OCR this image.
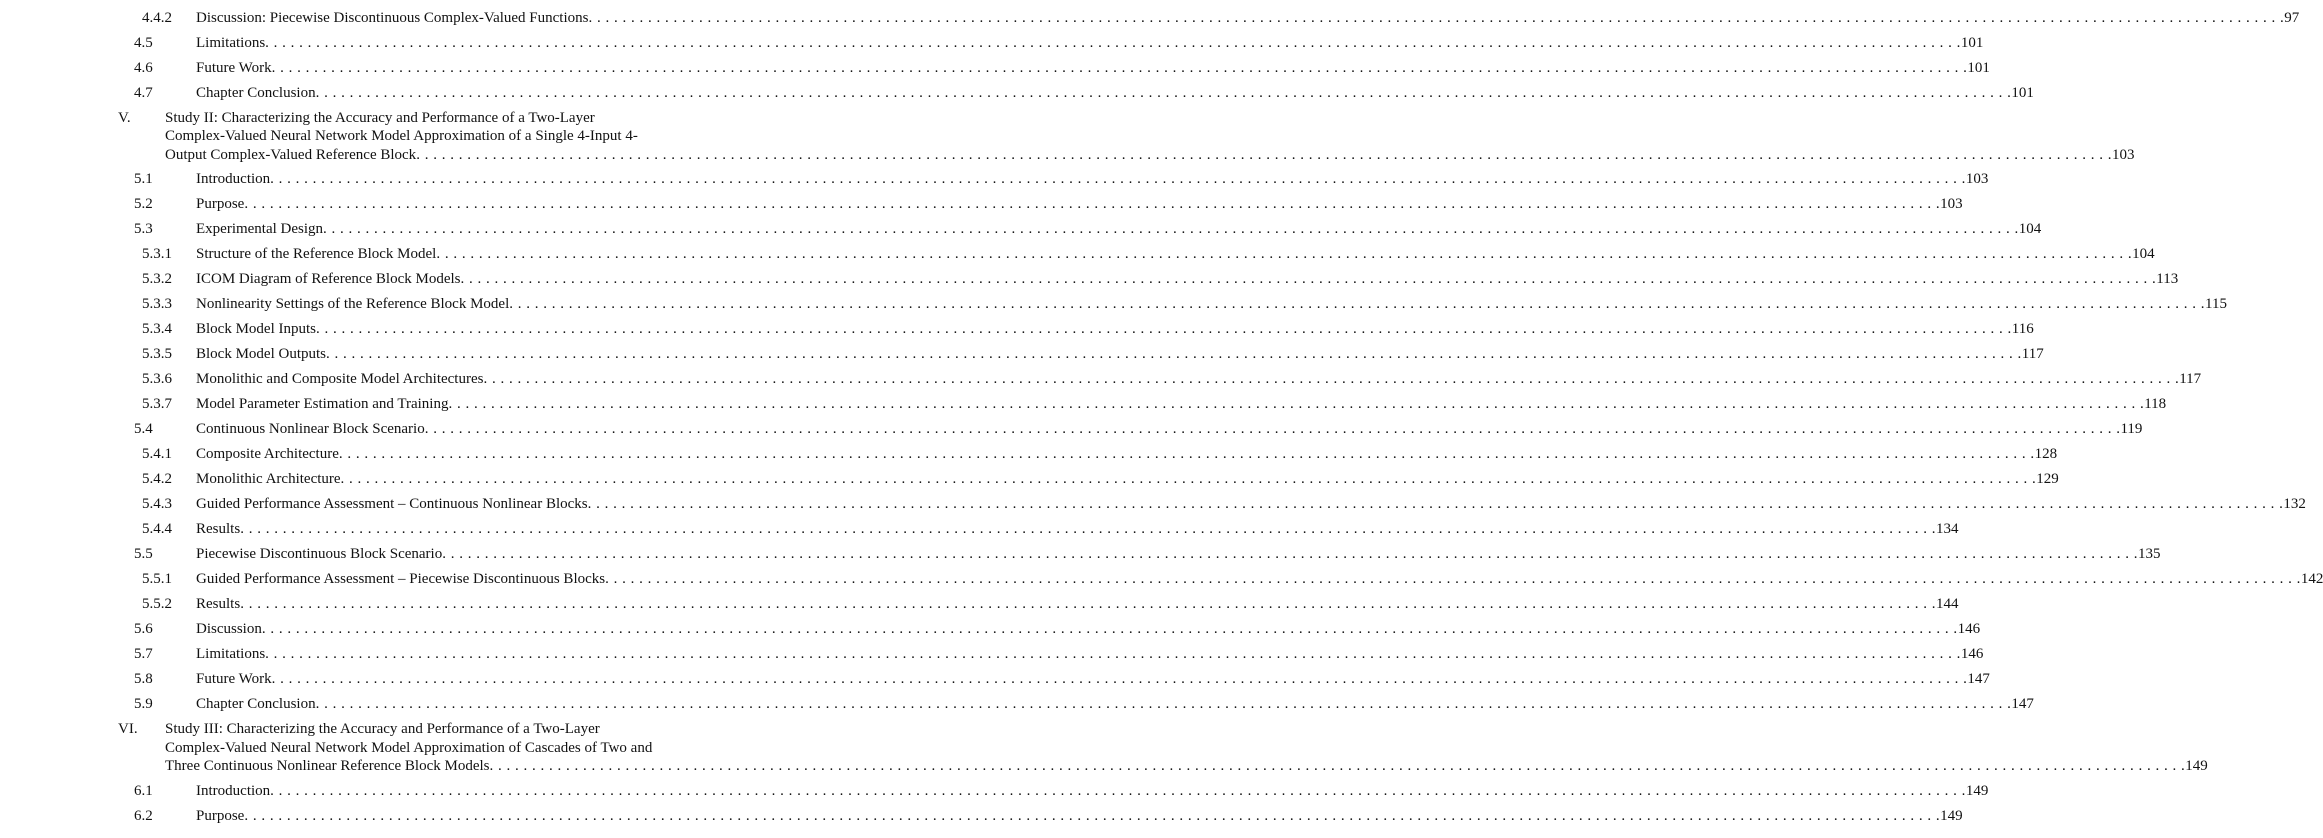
4.4.2 Discussion: Piecewise Discontinuous Complex-Valued Functions . . . . . . . . . . . . . . . . . . . . . . . . . . . . . . . . . . . . . . . . . . . . . . . . . . . . . . . . . . . . . . . . . . . . . . . . . . . . . . . . . . . . . . . . . . . . . . . . . . . . . . . . . . . . . . . . . . . . . . . . . . . . . . . . . . . . . . . . . . . . . . . . . . . . . . . . . . . . . . . . . . . . . . . . . . . . . . . . . . . . . . . . . . . . . . . . . . . . . . . . 97
4.5	Limitations . . . . . . . . . . . . . . . . . . . . . . . . . . . . . . . . . . . . . . . . . . . . . . . . . . . . . . . . . . . . . . . . . . . . . . . . . . . . . . . . . . . . . . . . . . . . . . . . . . . . . . . . . . . . . . . . . . . . . . . . . . . . . . . . . . . . . . . . . . . . . . . . . . . . . . . . . . . . . . . . . . . . . . . . . . . . . . . . . . . . . . . . . . . . . . . . . . . . . . . . 101
4.6	Future Work . . . . . . . . . . . . . . . . . . . . . . . . . . . . . . . . . . . . . . . . . . . . . . . . . . . . . . . . . . . . . . . . . . . . . . . . . . . . . . . . . . . . . . . . . . . . . . . . . . . . . . . . . . . . . . . . . . . . . . . . . . . . . . . . . . . . . . . . . . . . . . . . . . . . . . . . . . . . . . . . . . . . . . . . . . . . . . . . . . . . . . . . . . . . . . . . . . . . . . . . 101
4.7	Chapter Conclusion . . . . . . . . . . . . . . . . . . . . . . . . . . . . . . . . . . . . . . . . . . . . . . . . . . . . . . . . . . . . . . . . . . . . . . . . . . . . . . . . . . . . . . . . . . . . . . . . . . . . . . . . . . . . . . . . . . . . . . . . . . . . . . . . . . . . . . . . . . . . . . . . . . . . . . . . . . . . . . . . . . . . . . . . . . . . . . . . . . . . . . . . . . . . . . . . . . . . . . . . 101
V. Study II: Characterizing the Accuracy and Performance of a Two-Layer
Complex-Valued Neural Network Model Approximation of a Single 4-Input 4-
Output Complex-Valued Reference Block . . . . . . . . . . . . . . . . . . . . . . . . . . . . . . . . . . . . . . . . . . . . . . . . . . . . . . . . . . . . . . . . . . . . . . . . . . . . . . . . . . . . . . . . . . . . . . . . . . . . . . . . . . . . . . . . . . . . . . . . . . . . . . . . . . . . . . . . . . . . . . . . . . . . . . . . . . . . . . . . . . . . . . . . . . . . . . . . . . . . . . . . . . . . . . . . . . . . . . . . 103
5.1	Introduction . . . . . . . . . . . . . . . . . . . . . . . . . . . . . . . . . . . . . . . . . . . . . . . . . . . . . . . . . . . . . . . . . . . . . . . . . . . . . . . . . . . . . . . . . . . . . . . . . . . . . . . . . . . . . . . . . . . . . . . . . . . . . . . . . . . . . . . . . . . . . . . . . . . . . . . . . . . . . . . . . . . . . . . . . . . . . . . . . . . . . . . . . . . . . . . . . . . . . . . . 103
5.2	Purpose . . . . . . . . . . . . . . . . . . . . . . . . . . . . . . . . . . . . . . . . . . . . . . . . . . . . . . . . . . . . . . . . . . . . . . . . . . . . . . . . . . . . . . . . . . . . . . . . . . . . . . . . . . . . . . . . . . . . . . . . . . . . . . . . . . . . . . . . . . . . . . . . . . . . . . . . . . . . . . . . . . . . . . . . . . . . . . . . . . . . . . . . . . . . . . . . . . . . . . . . 103
5.3	Experimental Design . . . . . . . . . . . . . . . . . . . . . . . . . . . . . . . . . . . . . . . . . . . . . . . . . . . . . . . . . . . . . . . . . . . . . . . . . . . . . . . . . . . . . . . . . . . . . . . . . . . . . . . . . . . . . . . . . . . . . . . . . . . . . . . . . . . . . . . . . . . . . . . . . . . . . . . . . . . . . . . . . . . . . . . . . . . . . . . . . . . . . . . . . . . . . . . . . . . . . . . . 104
5.3.1 Structure of the Reference Block Model . . . . . . . . . . . . . . . . . . . . . . . . . . . . . . . . . . . . . . . . . . . . . . . . . . . . . . . . . . . . . . . . . . . . . . . . . . . . . . . . . . . . . . . . . . . . . . . . . . . . . . . . . . . . . . . . . . . . . . . . . . . . . . . . . . . . . . . . . . . . . . . . . . . . . . . . . . . . . . . . . . . . . . . . . . . . . . . . . . . . . . . . . . . . . . . . . . . . . . . . 104
5.3.2 ICOM Diagram of Reference Block Models . . . . . . . . . . . . . . . . . . . . . . . . . . . . . . . . . . . . . . . . . . . . . . . . . . . . . . . . . . . . . . . . . . . . . . . . . . . . . . . . . . . . . . . . . . . . . . . . . . . . . . . . . . . . . . . . . . . . . . . . . . . . . . . . . . . . . . . . . . . . . . . . . . . . . . . . . . . . . . . . . . . . . . . . . . . . . . . . . . . . . . . . . . . . . . . . . . . . . . . . 113
5.3.3 Nonlinearity Settings of the Reference Block Model . . . . . . . . . . . . . . . . . . . . . . . . . . . . . . . . . . . . . . . . . . . . . . . . . . . . . . . . . . . . . . . . . . . . . . . . . . . . . . . . . . . . . . . . . . . . . . . . . . . . . . . . . . . . . . . . . . . . . . . . . . . . . . . . . . . . . . . . . . . . . . . . . . . . . . . . . . . . . . . . . . . . . . . . . . . . . . . . . . . . . . . . . . . . . . . . . . . . . . . . 115
5.3.4 Block Model Inputs . . . . . . . . . . . . . . . . . . . . . . . . . . . . . . . . . . . . . . . . . . . . . . . . . . . . . . . . . . . . . . . . . . . . . . . . . . . . . . . . . . . . . . . . . . . . . . . . . . . . . . . . . . . . . . . . . . . . . . . . . . . . . . . . . . . . . . . . . . . . . . . . . . . . . . . . . . . . . . . . . . . . . . . . . . . . . . . . . . . . . . . . . . . . . . . . . . . . . . . . 116
5.3.5 Block Model Outputs . . . . . . . . . . . . . . . . . . . . . . . . . . . . . . . . . . . . . . . . . . . . . . . . . . . . . . . . . . . . . . . . . . . . . . . . . . . . . . . . . . . . . . . . . . . . . . . . . . . . . . . . . . . . . . . . . . . . . . . . . . . . . . . . . . . . . . . . . . . . . . . . . . . . . . . . . . . . . . . . . . . . . . . . . . . . . . . . . . . . . . . . . . . . . . . . . . . . . . . . 117
5.3.6 Monolithic and Composite Model Architectures . . . . . . . . . . . . . . . . . . . . . . . . . . . . . . . . . . . . . . . . . . . . . . . . . . . . . . . . . . . . . . . . . . . . . . . . . . . . . . . . . . . . . . . . . . . . . . . . . . . . . . . . . . . . . . . . . . . . . . . . . . . . . . . . . . . . . . . . . . . . . . . . . . . . . . . . . . . . . . . . . . . . . . . . . . . . . . . . . . . . . . . . . . . . . . . . . . . . . . . . 117
5.3.7 Model Parameter Estimation and Training . . . . . . . . . . . . . . . . . . . . . . . . . . . . . . . . . . . . . . . . . . . . . . . . . . . . . . . . . . . . . . . . . . . . . . . . . . . . . . . . . . . . . . . . . . . . . . . . . . . . . . . . . . . . . . . . . . . . . . . . . . . . . . . . . . . . . . . . . . . . . . . . . . . . . . . . . . . . . . . . . . . . . . . . . . . . . . . . . . . . . . . . . . . . . . . . . . . . . . . . 118
5.4	Continuous Nonlinear Block Scenario . . . . . . . . . . . . . . . . . . . . . . . . . . . . . . . . . . . . . . . . . . . . . . . . . . . . . . . . . . . . . . . . . . . . . . . . . . . . . . . . . . . . . . . . . . . . . . . . . . . . . . . . . . . . . . . . . . . . . . . . . . . . . . . . . . . . . . . . . . . . . . . . . . . . . . . . . . . . . . . . . . . . . . . . . . . . . . . . . . . . . . . . . . . . . . . . . . . . . . . . 119
5.4.1 Composite Architecture . . . . . . . . . . . . . . . . . . . . . . . . . . . . . . . . . . . . . . . . . . . . . . . . . . . . . . . . . . . . . . . . . . . . . . . . . . . . . . . . . . . . . . . . . . . . . . . . . . . . . . . . . . . . . . . . . . . . . . . . . . . . . . . . . . . . . . . . . . . . . . . . . . . . . . . . . . . . . . . . . . . . . . . . . . . . . . . . . . . . . . . . . . . . . . . . . . . . . . . . 128
5.4.2 Monolithic Architecture . . . . . . . . . . . . . . . . . . . . . . . . . . . . . . . . . . . . . . . . . . . . . . . . . . . . . . . . . . . . . . . . . . . . . . . . . . . . . . . . . . . . . . . . . . . . . . . . . . . . . . . . . . . . . . . . . . . . . . . . . . . . . . . . . . . . . . . . . . . . . . . . . . . . . . . . . . . . . . . . . . . . . . . . . . . . . . . . . . . . . . . . . . . . . . . . . . . . . . . . 129
5.4.3 Guided Performance Assessment – Continuous Nonlinear Blocks . . . . . . . . . . . . . . . . . . . . . . . . . . . . . . . . . . . . . . . . . . . . . . . . . . . . . . . . . . . . . . . . . . . . . . . . . . . . . . . . . . . . . . . . . . . . . . . . . . . . . . . . . . . . . . . . . . . . . . . . . . . . . . . . . . . . . . . . . . . . . . . . . . . . . . . . . . . . . . . . . . . . . . . . . . . . . . . . . . . . . . . . . . . . . . . . . . . . . . . . 132
5.4.4 Results . . . . . . . . . . . . . . . . . . . . . . . . . . . . . . . . . . . . . . . . . . . . . . . . . . . . . . . . . . . . . . . . . . . . . . . . . . . . . . . . . . . . . . . . . . . . . . . . . . . . . . . . . . . . . . . . . . . . . . . . . . . . . . . . . . . . . . . . . . . . . . . . . . . . . . . . . . . . . . . . . . . . . . . . . . . . . . . . . . . . . . . . . . . . . . . . . . . . . . . . 134
5.5	Piecewise Discontinuous Block Scenario . . . . . . . . . . . . . . . . . . . . . . . . . . . . . . . . . . . . . . . . . . . . . . . . . . . . . . . . . . . . . . . . . . . . . . . . . . . . . . . . . . . . . . . . . . . . . . . . . . . . . . . . . . . . . . . . . . . . . . . . . . . . . . . . . . . . . . . . . . . . . . . . . . . . . . . . . . . . . . . . . . . . . . . . . . . . . . . . . . . . . . . . . . . . . . . . . . . . . . . . 135
5.5.1 Guided Performance Assessment – Piecewise Discontinuous Blocks . . . . . . . . . . . . . . . . . . . . . . . . . . . . . . . . . . . . . . . . . . . . . . . . . . . . . . . . . . . . . . . . . . . . . . . . . . . . . . . . . . . . . . . . . . . . . . . . . . . . . . . . . . . . . . . . . . . . . . . . . . . . . . . . . . . . . . . . . . . . . . . . . . . . . . . . . . . . . . . . . . . . . . . . . . . . . . . . . . . . . . . . . . . . . . . . . . . . . . . . 142
5.5.2 Results . . . . . . . . . . . . . . . . . . . . . . . . . . . . . . . . . . . . . . . . . . . . . . . . . . . . . . . . . . . . . . . . . . . . . . . . . . . . . . . . . . . . . . . . . . . . . . . . . . . . . . . . . . . . . . . . . . . . . . . . . . . . . . . . . . . . . . . . . . . . . . . . . . . . . . . . . . . . . . . . . . . . . . . . . . . . . . . . . . . . . . . . . . . . . . . . . . . . . . . . 144
5.6	Discussion . . . . . . . . . . . . . . . . . . . . . . . . . . . . . . . . . . . . . . . . . . . . . . . . . . . . . . . . . . . . . . . . . . . . . . . . . . . . . . . . . . . . . . . . . . . . . . . . . . . . . . . . . . . . . . . . . . . . . . . . . . . . . . . . . . . . . . . . . . . . . . . . . . . . . . . . . . . . . . . . . . . . . . . . . . . . . . . . . . . . . . . . . . . . . . . . . . . . . . . . 146
5.7	Limitations . . . . . . . . . . . . . . . . . . . . . . . . . . . . . . . . . . . . . . . . . . . . . . . . . . . . . . . . . . . . . . . . . . . . . . . . . . . . . . . . . . . . . . . . . . . . . . . . . . . . . . . . . . . . . . . . . . . . . . . . . . . . . . . . . . . . . . . . . . . . . . . . . . . . . . . . . . . . . . . . . . . . . . . . . . . . . . . . . . . . . . . . . . . . . . . . . . . . . . . . 146
5.8	Future Work . . . . . . . . . . . . . . . . . . . . . . . . . . . . . . . . . . . . . . . . . . . . . . . . . . . . . . . . . . . . . . . . . . . . . . . . . . . . . . . . . . . . . . . . . . . . . . . . . . . . . . . . . . . . . . . . . . . . . . . . . . . . . . . . . . . . . . . . . . . . . . . . . . . . . . . . . . . . . . . . . . . . . . . . . . . . . . . . . . . . . . . . . . . . . . . . . . . . . . . . 147
5.9	Chapter Conclusion . . . . . . . . . . . . . . . . . . . . . . . . . . . . . . . . . . . . . . . . . . . . . . . . . . . . . . . . . . . . . . . . . . . . . . . . . . . . . . . . . . . . . . . . . . . . . . . . . . . . . . . . . . . . . . . . . . . . . . . . . . . . . . . . . . . . . . . . . . . . . . . . . . . . . . . . . . . . . . . . . . . . . . . . . . . . . . . . . . . . . . . . . . . . . . . . . . . . . . . . 147
VI. Study III: Characterizing the Accuracy and Performance of a Two-Layer
Complex-Valued Neural Network Model Approximation of Cascades of Two and
Three Continuous Nonlinear Reference Block Models . . . . . . . . . . . . . . . . . . . . . . . . . . . . . . . . . . . . . . . . . . . . . . . . . . . . . . . . . . . . . . . . . . . . . . . . . . . . . . . . . . . . . . . . . . . . . . . . . . . . . . . . . . . . . . . . . . . . . . . . . . . . . . . . . . . . . . . . . . . . . . . . . . . . . . . . . . . . . . . . . . . . . . . . . . . . . . . . . . . . . . . . . . . . . . . . . . . . . . . . 149
6.1	Introduction . . . . . . . . . . . . . . . . . . . . . . . . . . . . . . . . . . . . . . . . . . . . . . . . . . . . . . . . . . . . . . . . . . . . . . . . . . . . . . . . . . . . . . . . . . . . . . . . . . . . . . . . . . . . . . . . . . . . . . . . . . . . . . . . . . . . . . . . . . . . . . . . . . . . . . . . . . . . . . . . . . . . . . . . . . . . . . . . . . . . . . . . . . . . . . . . . . . . . . . . 149
6.2	Purpose . . . . . . . . . . . . . . . . . . . . . . . . . . . . . . . . . . . . . . . . . . . . . . . . . . . . . . . . . . . . . . . . . . . . . . . . . . . . . . . . . . . . . . . . . . . . . . . . . . . . . . . . . . . . . . . . . . . . . . . . . . . . . . . . . . . . . . . . . . . . . . . . . . . . . . . . . . . . . . . . . . . . . . . . . . . . . . . . . . . . . . . . . . . . . . . . . . . . . . . . 149
